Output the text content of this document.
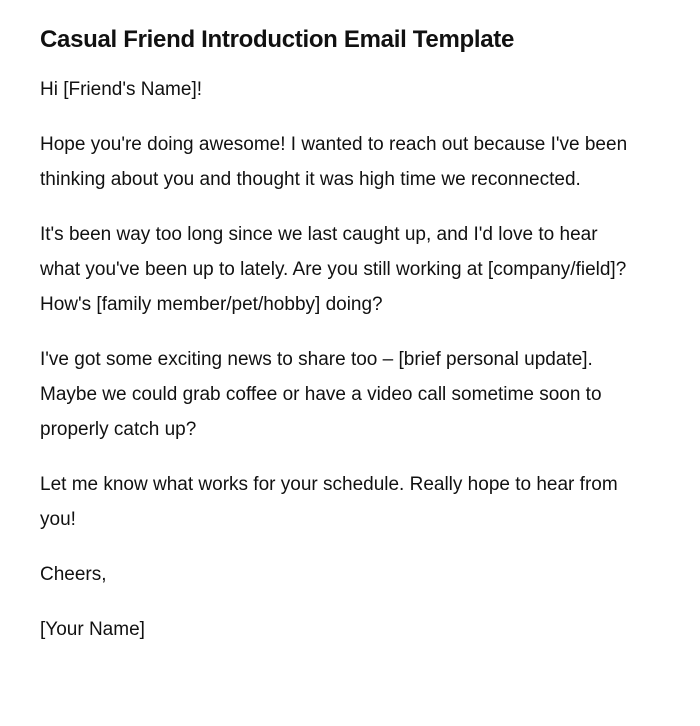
Casual Friend Introduction Email Template

Hi [Friend's Name]!

Hope you're doing awesome! I wanted to reach out because I've been thinking about you and thought it was high time we reconnected.

It's been way too long since we last caught up, and I'd love to hear what you've been up to lately. Are you still working at [company/field]? How's [family member/pet/hobby] doing?

I've got some exciting news to share too – [brief personal update]. Maybe we could grab coffee or have a video call sometime soon to properly catch up?

Let me know what works for your schedule. Really hope to hear from you!

Cheers,

[Your Name]
